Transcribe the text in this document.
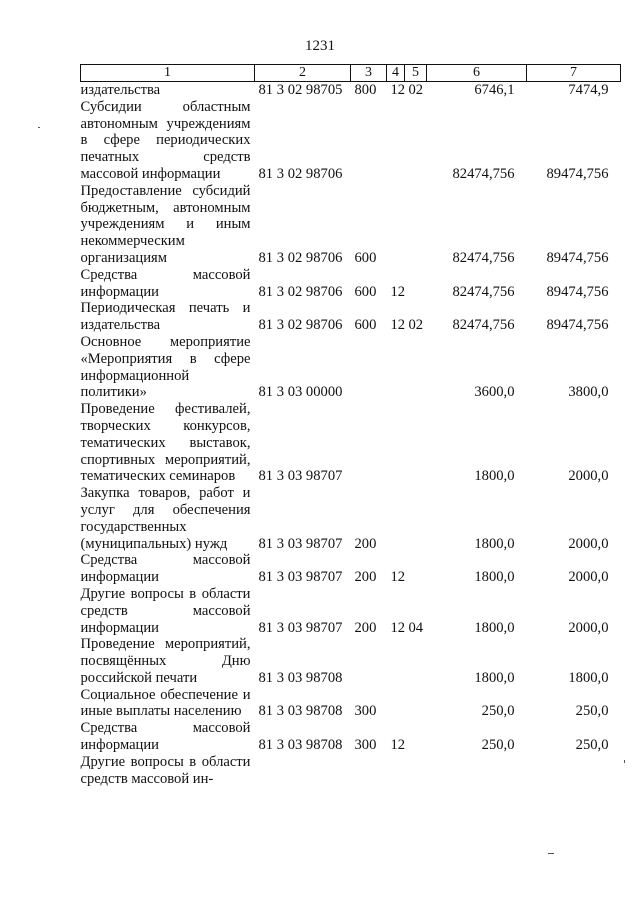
1231
1	2	3	4	5	6	7
издательства	81 3 02 98705	800	12	02	6746,1	7474,9
Субсидии областным автономным учреждениям в сфере периодических печатных средств массовой информации	81 3 02 98706				82474,756	89474,756
Предоставление субсидий бюджетным, автономным учреждениям и иным некоммерческим организациям	81 3 02 98706	600			82474,756	89474,756
Средства массовой информации	81 3 02 98706	600	12		82474,756	89474,756
Периодическая печать и издательства	81 3 02 98706	600	12	02	82474,756	89474,756
Основное мероприятие «Мероприятия в сфере информационной политики»	81 3 03 00000				3600,0	3800,0
Проведение фестивалей, творческих конкурсов, тематических выставок, спортивных мероприятий, тематических семинаров	81 3 03 98707				1800,0	2000,0
Закупка товаров, работ и услуг для обеспечения государственных (муниципальных) нужд	81 3 03 98707	200			1800,0	2000,0
Средства массовой информации	81 3 03 98707	200	12		1800,0	2000,0
Другие вопросы в области средств массовой информации	81 3 03 98707	200	12	04	1800,0	2000,0
Проведение мероприятий, посвящённых Дню российской печати	81 3 03 98708				1800,0	1800,0
Социальное обеспечение и иные выплаты населению	81 3 03 98708	300			250,0	250,0
Средства массовой информации	81 3 03 98708	300	12		250,0	250,0
Другие вопросы в области средств массовой ин-						
